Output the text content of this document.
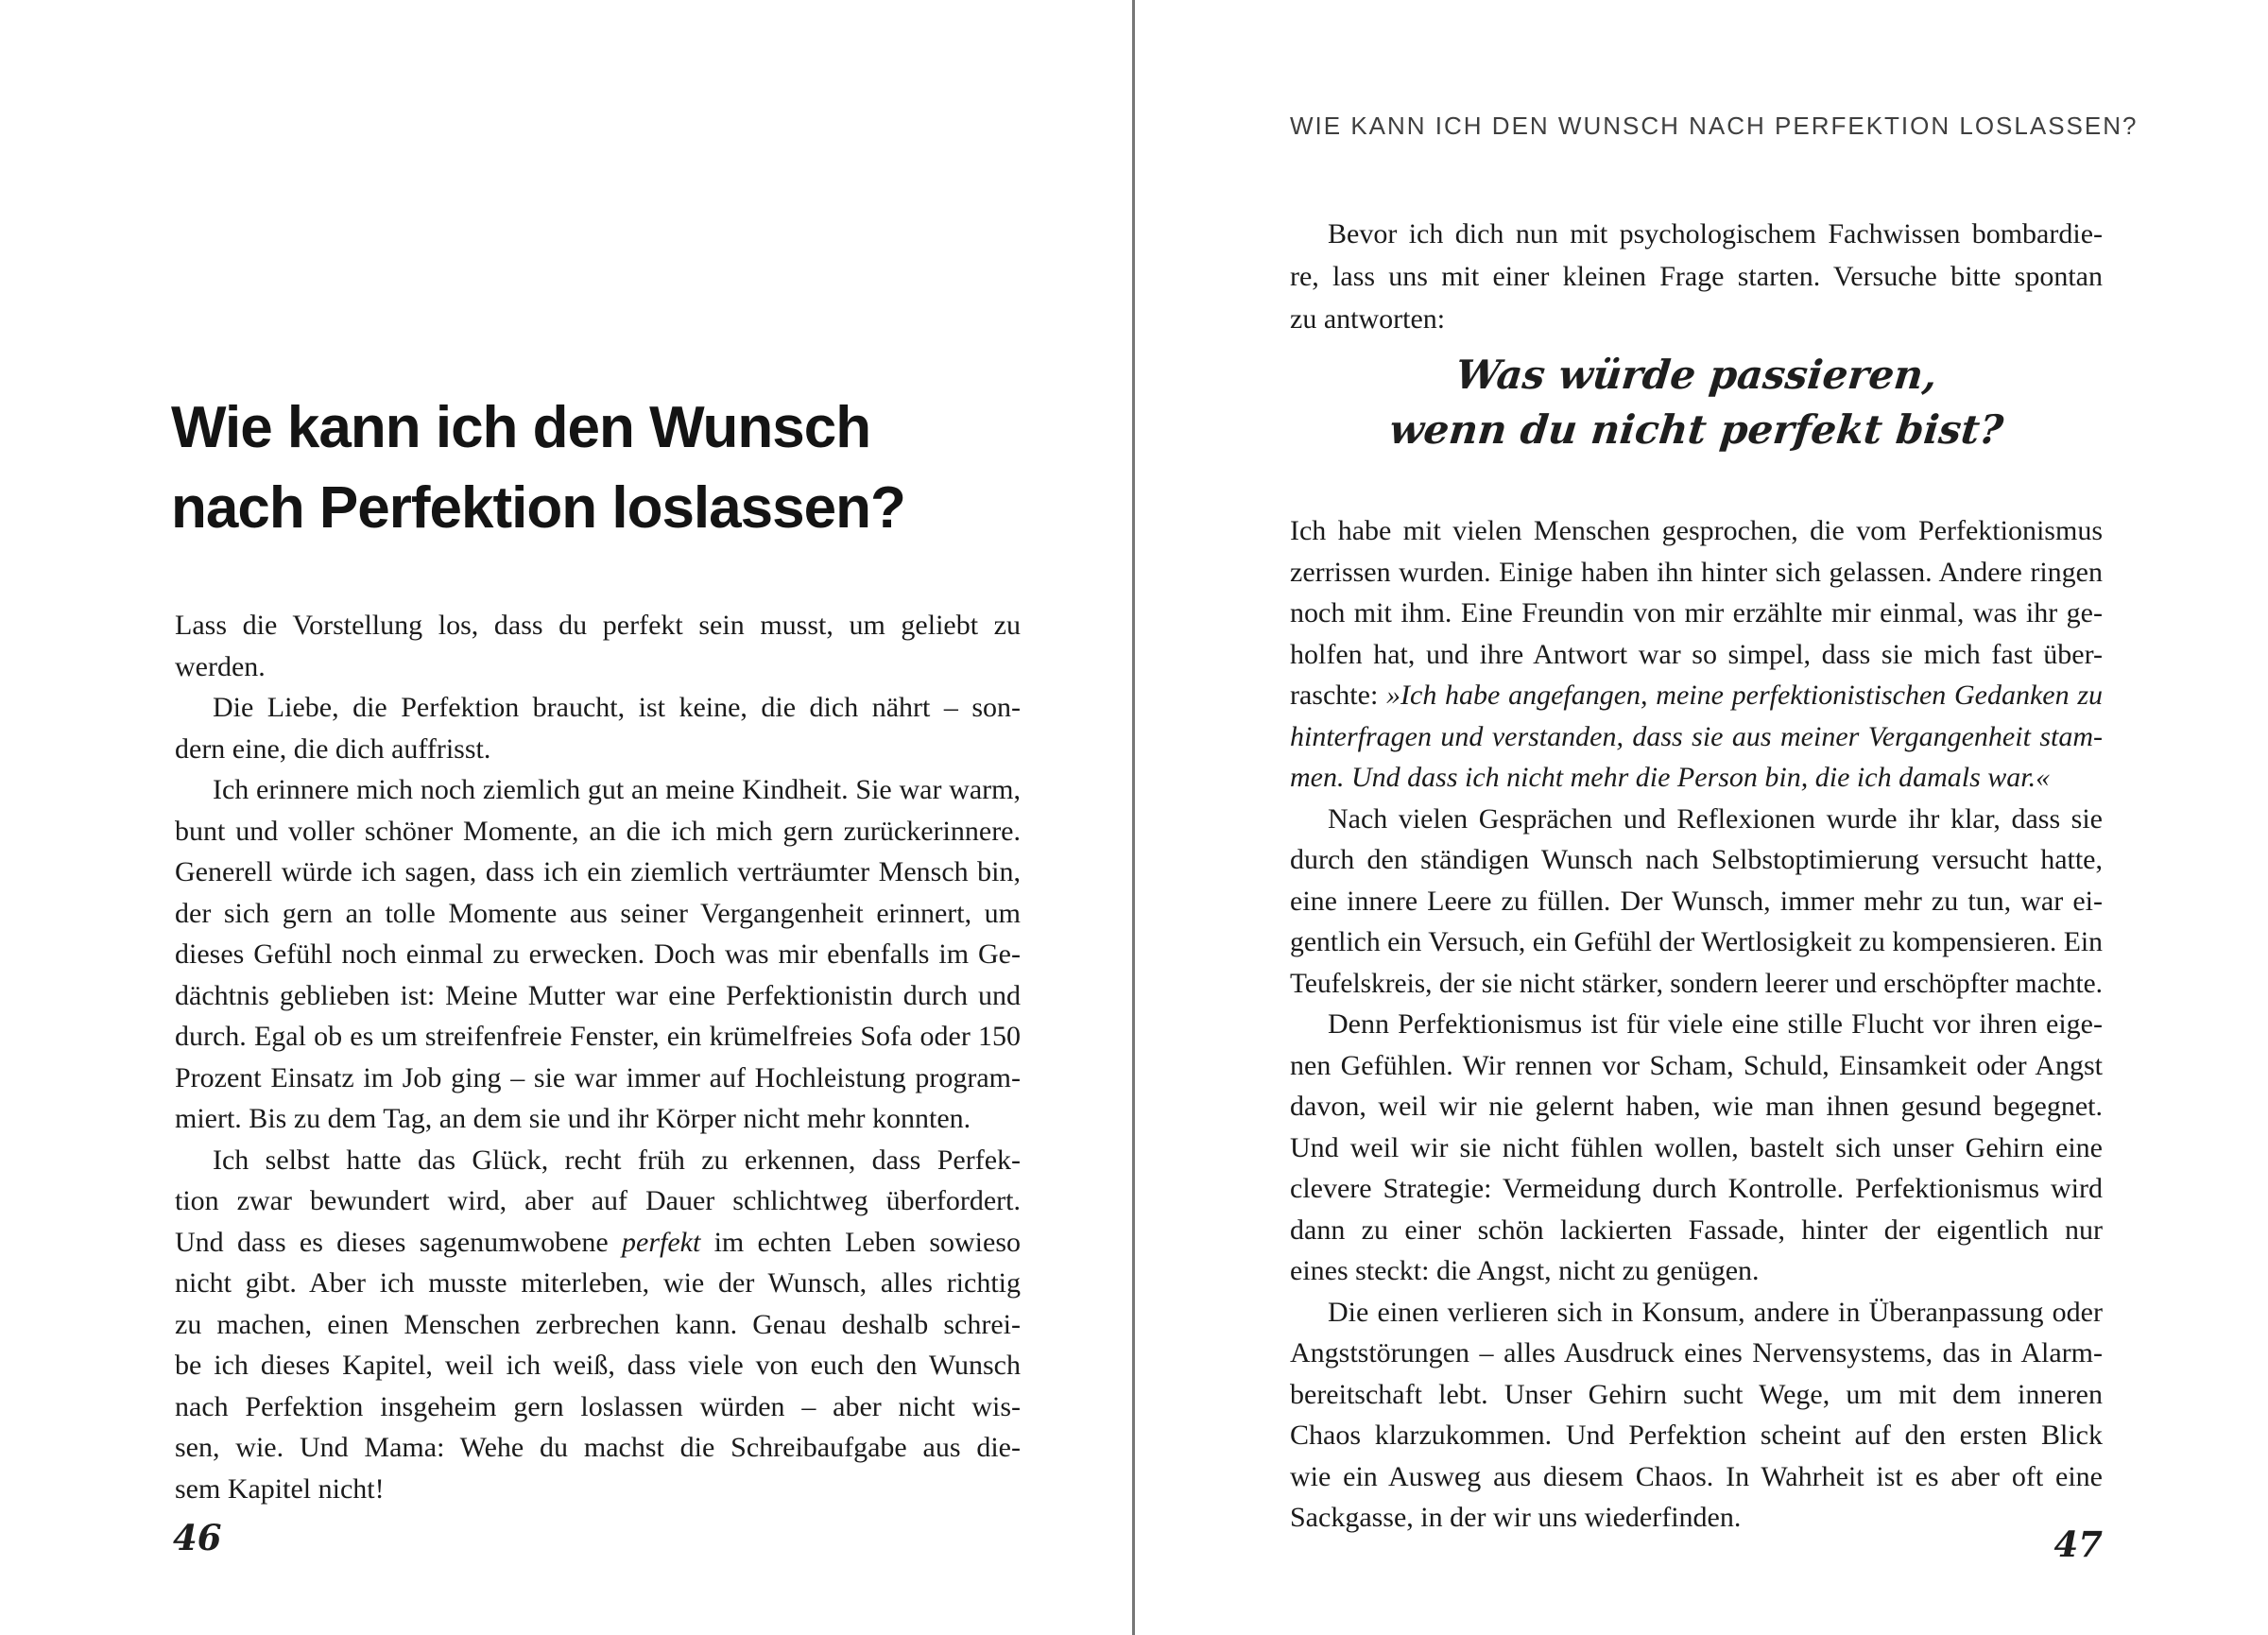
Wie kann ich den Wunsch
nach Perfektion loslassen?
Lass die Vorstellung los, dass du perfekt sein musst, um geliebt zu
werden.
Die Liebe, die Perfektion braucht, ist keine, die dich nährt – son-
dern eine, die dich auffrisst.
Ich erinnere mich noch ziemlich gut an meine Kindheit. Sie war warm,
bunt und voller schöner Momente, an die ich mich gern zurückerinnere.
Generell würde ich sagen, dass ich ein ziemlich verträumter Mensch bin,
der sich gern an tolle Momente aus seiner Vergangenheit erinnert, um
dieses Gefühl noch einmal zu erwecken. Doch was mir ebenfalls im Ge-
dächtnis geblieben ist: Meine Mutter war eine Perfektionistin durch und
durch. Egal ob es um streifenfreie Fenster, ein krümelfreies Sofa oder 150
Prozent Einsatz im Job ging – sie war immer auf Hochleistung program-
miert. Bis zu dem Tag, an dem sie und ihr Körper nicht mehr konnten.
Ich selbst hatte das Glück, recht früh zu erkennen, dass Perfek-
tion zwar bewundert wird, aber auf Dauer schlichtweg überfordert.
Und dass es dieses sagenumwobene perfekt im echten Leben sowieso
nicht gibt. Aber ich musste miterleben, wie der Wunsch, alles richtig
zu machen, einen Menschen zerbrechen kann. Genau deshalb schrei-
be ich dieses Kapitel, weil ich weiß, dass viele von euch den Wunsch
nach Perfektion insgeheim gern loslassen würden – aber nicht wis-
sen, wie. Und Mama: Wehe du machst die Schreibaufgabe aus die-
sem Kapitel nicht!
46
WIE KANN ICH DEN WUNSCH NACH PERFEKTION LOSLASSEN?
Bevor ich dich nun mit psychologischem Fachwissen bombardie-
re, lass uns mit einer kleinen Frage starten. Versuche bitte spontan
zu antworten:
Was würde passieren,
wenn du nicht perfekt bist?
Ich habe mit vielen Menschen gesprochen, die vom Perfektionismus
zerrissen wurden. Einige haben ihn hinter sich gelassen. Andere ringen
noch mit ihm. Eine Freundin von mir erzählte mir einmal, was ihr ge-
holfen hat, und ihre Antwort war so simpel, dass sie mich fast über-
raschte: »Ich habe angefangen, meine perfektionistischen Gedanken zu
hinterfragen und verstanden, dass sie aus meiner Vergangenheit stam-
men. Und dass ich nicht mehr die Person bin, die ich damals war.«
Nach vielen Gesprächen und Reflexionen wurde ihr klar, dass sie
durch den ständigen Wunsch nach Selbstoptimierung versucht hatte,
eine innere Leere zu füllen. Der Wunsch, immer mehr zu tun, war ei-
gentlich ein Versuch, ein Gefühl der Wertlosigkeit zu kompensieren. Ein
Teufelskreis, der sie nicht stärker, sondern leerer und erschöpfter machte.
Denn Perfektionismus ist für viele eine stille Flucht vor ihren eige-
nen Gefühlen. Wir rennen vor Scham, Schuld, Einsamkeit oder Angst
davon, weil wir nie gelernt haben, wie man ihnen gesund begegnet.
Und weil wir sie nicht fühlen wollen, bastelt sich unser Gehirn eine
clevere Strategie: Vermeidung durch Kontrolle. Perfektionismus wird
dann zu einer schön lackierten Fassade, hinter der eigentlich nur
eines steckt: die Angst, nicht zu genügen.
Die einen verlieren sich in Konsum, andere in Überanpassung oder
Angststörungen – alles Ausdruck eines Nervensystems, das in Alarm-
bereitschaft lebt. Unser Gehirn sucht Wege, um mit dem inneren
Chaos klarzukommen. Und Perfektion scheint auf den ersten Blick
wie ein Ausweg aus diesem Chaos. In Wahrheit ist es aber oft eine
Sackgasse, in der wir uns wiederfinden.
47
